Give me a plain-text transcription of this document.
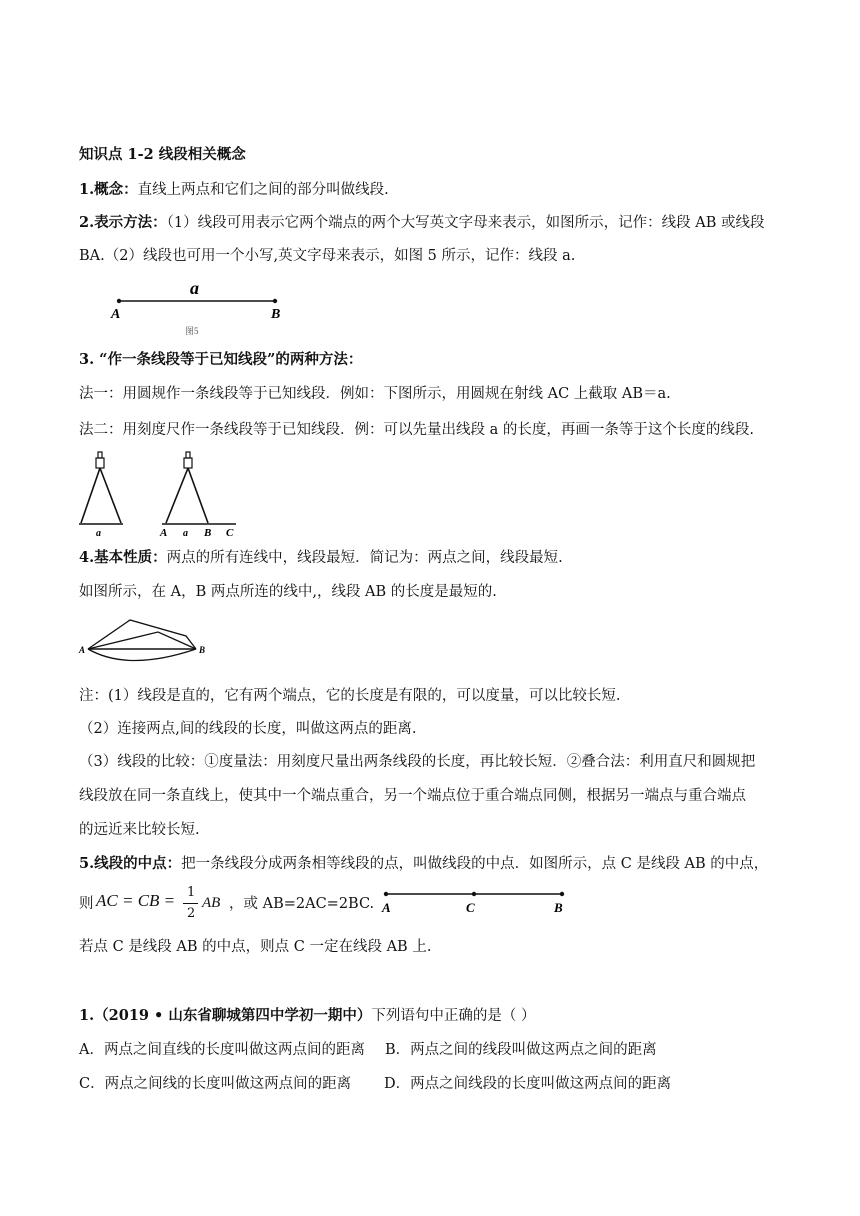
知识点 1-2 线段相关概念
1.概念：直线上两点和它们之间的部分叫做线段.
2.表示方法：（1）线段可用表示它两个端点的两个大写英文字母来表示，如图所示，记作：线段 AB 或线段
BA.（2）线段也可用一个小写,英文字母来表示，如图 5 所示，记作：线段 a.
a
A	B
图5
3. “作一条线段等于已知线段”的两种方法：
法一：用圆规作一条线段等于已知线段．例如：下图所示，用圆规在射线 AC 上截取 AB＝a.
法二：用刻度尺作一条线段等于已知线段．例：可以先量出线段 a 的长度，再画一条等于这个长度的线段.
a	A a B C
4.基本性质：两点的所有连线中，线段最短．简记为：两点之间，线段最短.
如图所示，在 A，B 两点所连的线中,，线段 AB 的长度是最短的.
A	B
注：(1）线段是直的，它有两个端点，它的长度是有限的，可以度量，可以比较长短.
（2）连接两点,间的线段的长度，叫做这两点的距离.
（3）线段的比较：①度量法：用刻度尺量出两条线段的长度，再比较长短．②叠合法：利用直尺和圆规把
线段放在同一条直线上，使其中一个端点重合，另一个端点位于重合端点同侧，根据另一端点与重合端点
的远近来比较长短.
5.线段的中点：把一条线段分成两条相等线段的点，叫做线段的中点．如图所示，点 C 是线段 AB 的中点，
则 AC = CB = 1
2
AB ，或 AB=2AC=2BC. A	C	B
若点 C 是线段 AB 的中点，则点 C 一定在线段 AB 上.
1.（2019 • 山东省聊城第四中学初一期中）下列语句中正确的是（ ）
A．两点之间直线的长度叫做这两点间的距离 B．两点之间的线段叫做这两点之间的距离
C．两点之间线的长度叫做这两点间的距离 D．两点之间线段的长度叫做这两点间的距离
